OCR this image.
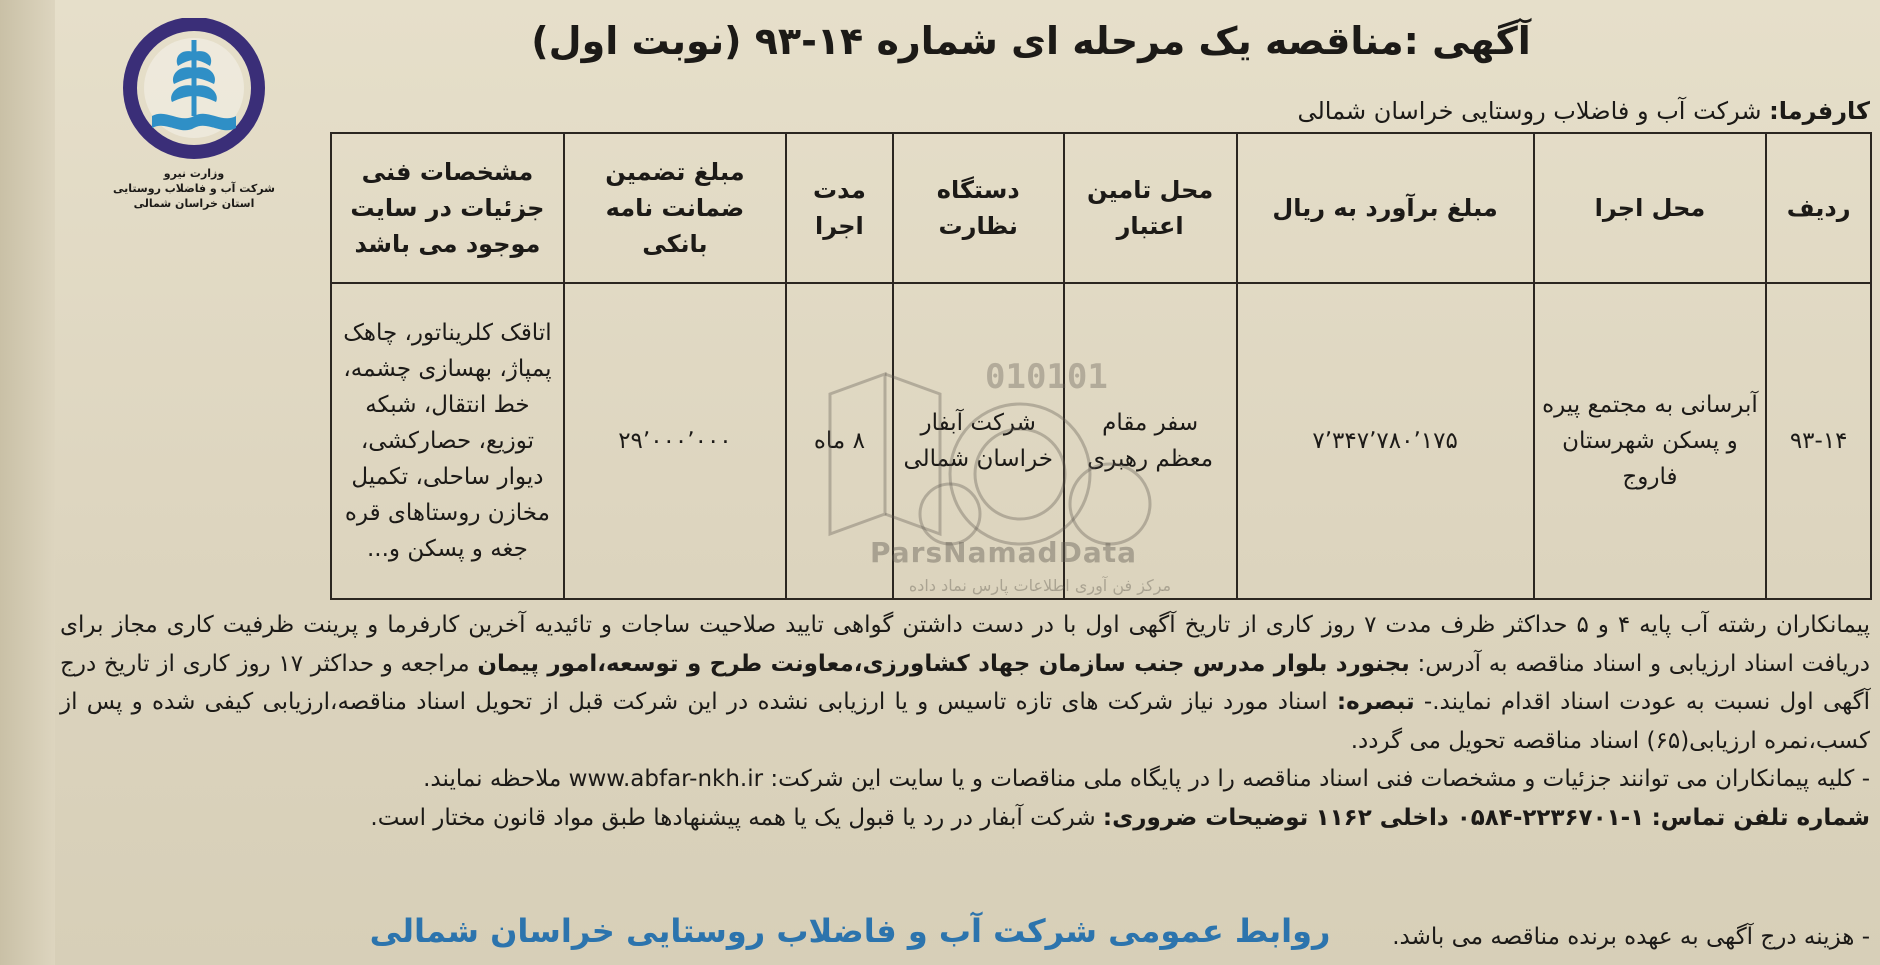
آگهی :مناقصه یک مرحله ای شماره ۱۴-۹۳ (نوبت اول)
کارفرما: شرکت آب و فاضلاب روستایی خراسان شمالی
وزارت نیرو
شرکت آب و فاضلاب روستایی
استان خراسان شمالی	ردیف	محل اجرا	مبلغ برآورد به ریال	محل تامین اعتبار	دستگاه نظارت	مدت اجرا	مبلغ تضمین ضمانت نامه بانکی	مشخصات فنی جزئیات در سایت موجود می باشد
۹۳-۱۴	آبرسانی به مجتمع پیره و پسکن شهرستان فاروج	۷٬۳۴۷٬۷۸۰٬۱۷۵	سفر مقام معظم رهبری	شرکت آبفار خراسان شمالی	۸ ماه	۲۹٬۰۰۰٬۰۰۰	اتاقک کلریناتور، چاهک پمپاژ، بهسازی چشمه، خط انتقال، شبکه توزیع، حصارکشی، دیوار ساحلی، تکمیل مخازن روستاهای قره جغه و پسکن و...
010101
ParsNamadData
مرکز فن آوری اطلاعات پارس نماد داده

پیمانکاران رشته آب پایه ۴ و ۵ حداکثر ظرف مدت ۷ روز کاری از تاریخ آگهی اول با در دست داشتن گواهی تایید صلاحیت ساجات و تائیدیه آخرین کارفرما و پرینت ظرفیت کاری مجاز برای دریافت اسناد ارزیابی و اسناد مناقصه به آدرس: بجنورد بلوار مدرس جنب سازمان جهاد کشاورزی،معاونت طرح و توسعه،امور پیمان مراجعه و حداکثر ۱۷ روز کاری از تاریخ درج آگهی اول نسبت به عودت اسناد اقدام نمایند.- تبصره: اسناد مورد نیاز شرکت های تازه تاسیس و یا ارزیابی نشده در این شرکت قبل از تحویل اسناد مناقصه،ارزیابی کیفی شده و پس از کسب،نمره ارزیابی(۶۵) اسناد مناقصه تحویل می گردد.

- کلیه پیمانکاران می توانند جزئیات و مشخصات فنی اسناد مناقصه را در پایگاه ملی مناقصات و یا سایت این شرکت: www.abfar-nkh.ir ملاحظه نمایند.

شماره تلفن تماس: ۱-۲۲۳۶۷۰۱-۰۵۸۴ داخلی ۱۱۶۲ توضیحات ضروری: شرکت آبفار در رد یا قبول یک یا همه پیشنهادها طبق مواد قانون مختار است.

- هزینه درج آگهی به عهده برنده مناقصه می باشد.
روابط عمومی شرکت آب و فاضلاب روستایی خراسان شمالی
